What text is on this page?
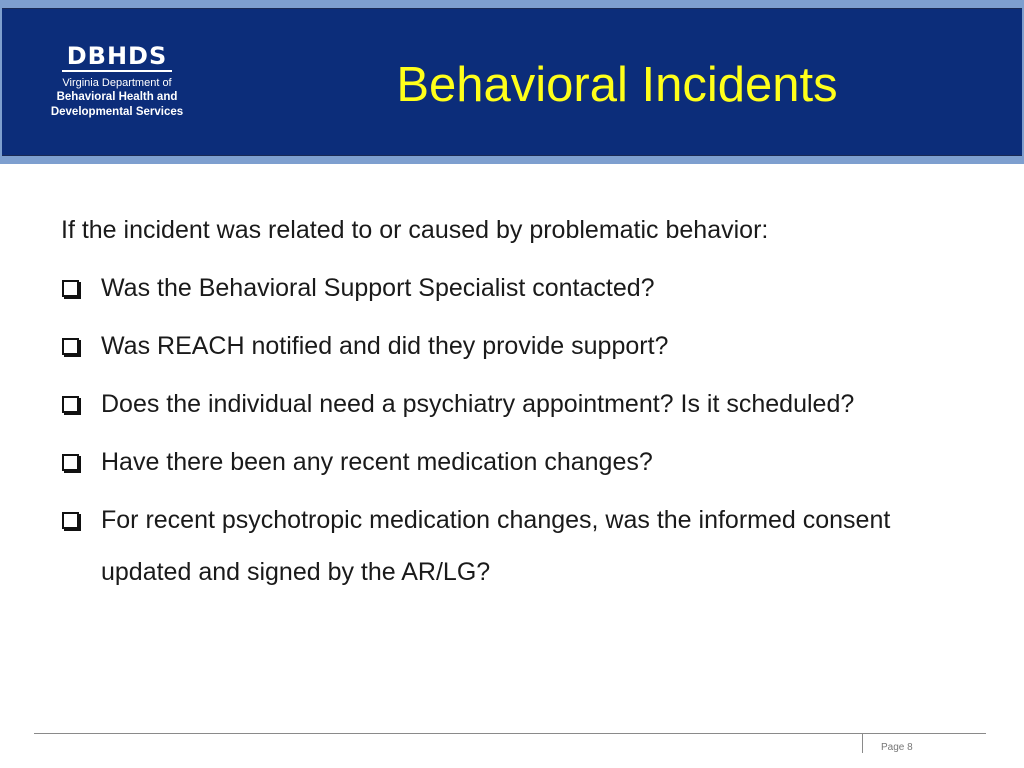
DBHDS
Virginia Department of
Behavioral Health and
Developmental Services	Behavioral Incidents
If the incident was related to or caused by problematic behavior:
Was the Behavioral Support Specialist contacted?
Was REACH notified and did they provide support?
Does the individual need a psychiatry appointment? Is it scheduled?
Have there been any recent medication changes?
For recent psychotropic medication changes, was the informed consent updated and signed by the AR/LG?
Page 8
